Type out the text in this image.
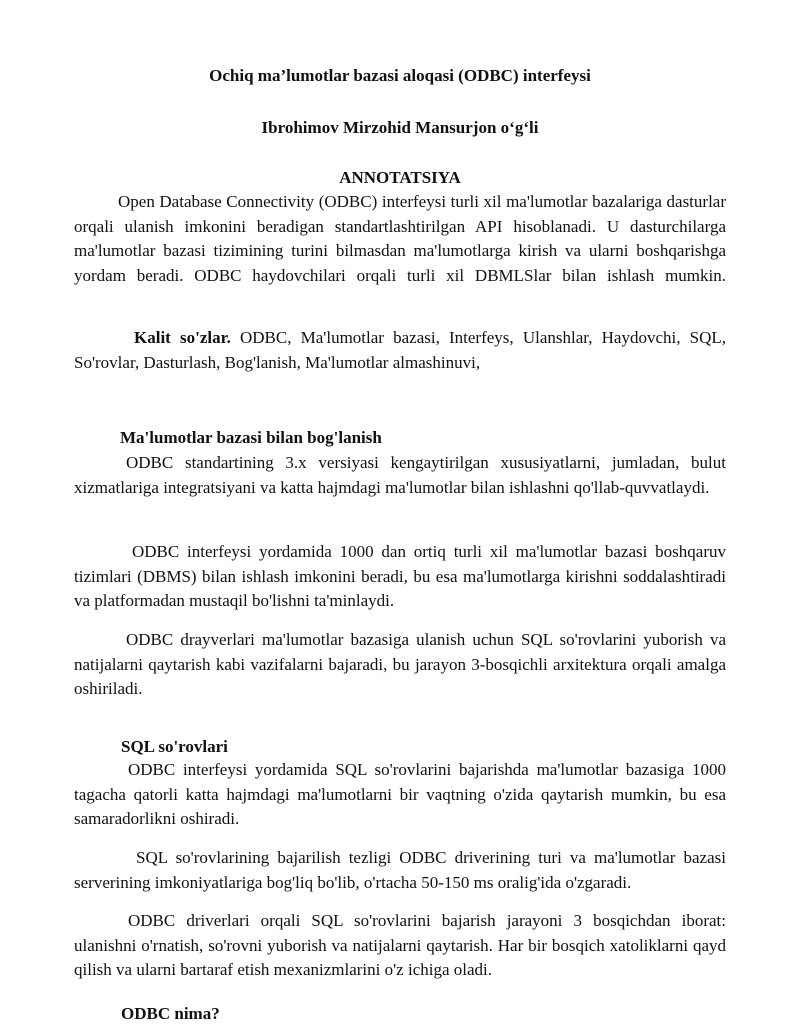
Ochiq ma’lumotlar bazasi aloqasi (ODBC) interfeysi
Ibrohimov Mirzohid Mansurjon o‘g‘li
ANNOTATSIYA

Open Database Connectivity (ODBC) interfeysi turli xil ma'lumotlar bazalariga dasturlar orqali ulanish imkonini beradigan standartlashtirilgan API hisoblanadi. U dasturchilarga ma'lumotlar bazasi tizimining turini bilmasdan ma'lumotlarga kirish va ularni boshqarishga yordam beradi. ODBC haydovchilari orqali turli xil DBMLSlar bilan ishlash mumkin.

Kalit so'zlar. ODBC, Ma'lumotlar bazasi, Interfeys, Ulanshlar, Haydovchi, SQL, So'rovlar, Dasturlash, Bog'lanish, Ma'lumotlar almashinuvi,

Ma'lumotlar bazasi bilan bog'lanish

ODBC standartining 3.x versiyasi kengaytirilgan xususiyatlarni, jumladan, bulut xizmatlariga integratsiyani va katta hajmdagi ma'lumotlar bilan ishlashni qo'llab-quvvatlaydi.

ODBC interfeysi yordamida 1000 dan ortiq turli xil ma'lumotlar bazasi boshqaruv tizimlari (DBMS) bilan ishlash imkonini beradi, bu esa ma'lumotlarga kirishni soddalashtiradi va platformadan mustaqil bo'lishni ta'minlaydi.

ODBC drayverlari ma'lumotlar bazasiga ulanish uchun SQL so'rovlarini yuborish va natijalarni qaytarish kabi vazifalarni bajaradi, bu jarayon 3-bosqichli arxitektura orqali amalga oshiriladi.

SQL so'rovlari

ODBC interfeysi yordamida SQL so'rovlarini bajarishda ma'lumotlar bazasiga 1000 tagacha qatorli katta hajmdagi ma'lumotlarni bir vaqtning o'zida qaytarish mumkin, bu esa samaradorlikni oshiradi.

SQL so'rovlarining bajarilish tezligi ODBC driverining turi va ma'lumotlar bazasi serverining imkoniyatlariga bog'liq bo'lib, o'rtacha 50-150 ms oralig'ida o'zgaradi.

ODBC driverlari orqali SQL so'rovlarini bajarish jarayoni 3 bosqichdan iborat: ulanishni o'rnatish, so'rovni yuborish va natijalarni qaytarish. Har bir bosqich xatoliklarni qayd qilish va ularni bartaraf etish mexanizmlarini o'z ichiga oladi.

ODBC nima?
